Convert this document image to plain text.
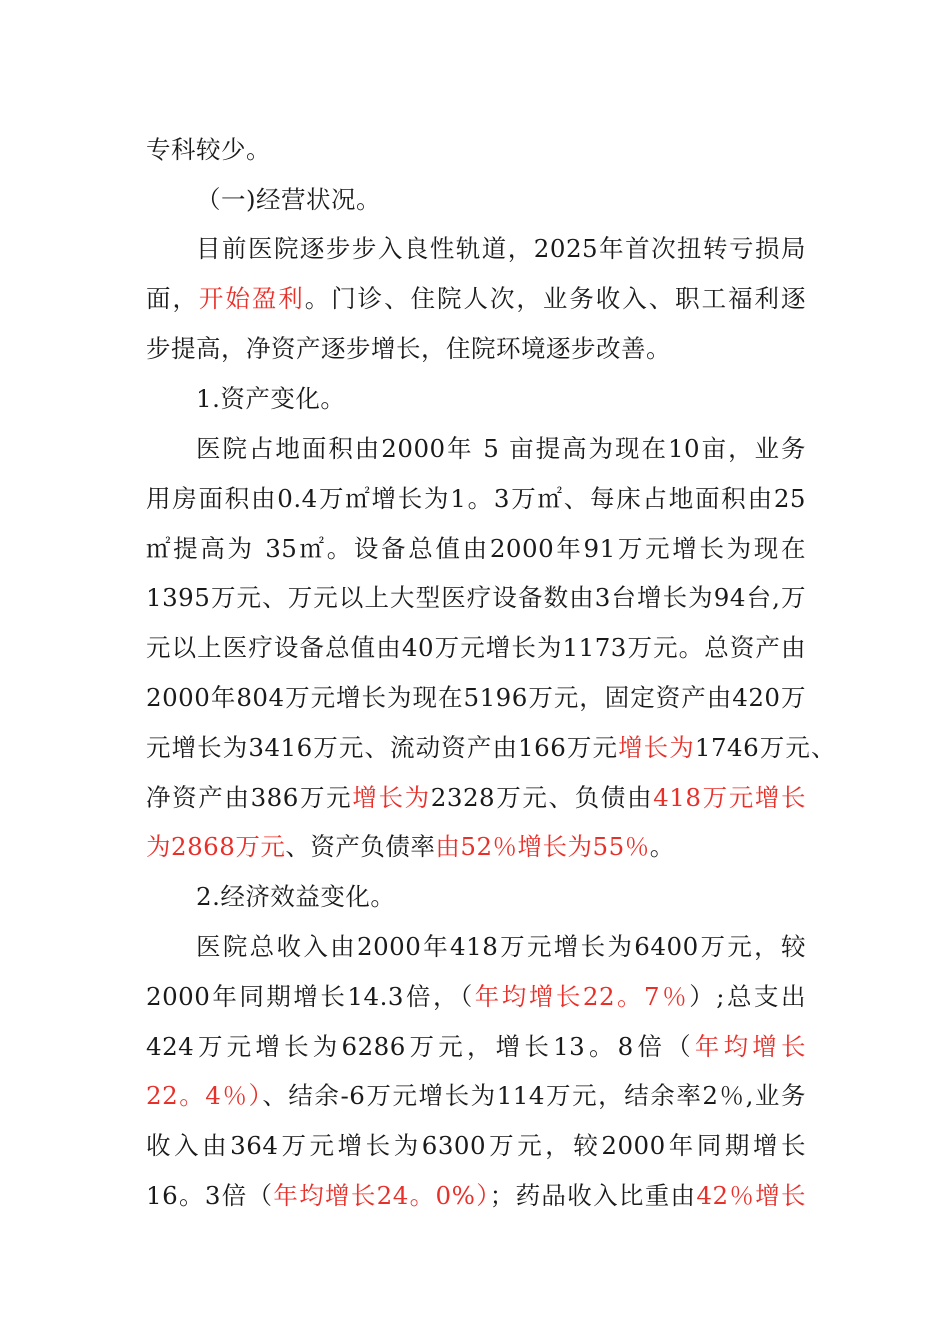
专科较少。
（一)经营状况。
目前医院逐步步入良性轨道，2025年首次扭转亏损局
面，开始盈利。门诊、住院人次，业务收入、职工福利逐
步提高，净资产逐步增长，住院环境逐步改善。
1.资产变化。
医院占地面积由2000年 5 亩提高为现在10亩，业务
用房面积由0.4万㎡增长为1。3万㎡、每床占地面积由25
㎡提高为 35㎡。设备总值由2000年91万元增长为现在
1395万元、万元以上大型医疗设备数由3台增长为94台,万
元以上医疗设备总值由40万元增长为1173万元。总资产由
2000年804万元增长为现在5196万元，固定资产由420万
元增长为3416万元、流动资产由166万元增长为1746万元、
净资产由386万元增长为2328万元、负债由418万元增长
为2868万元、资产负债率由52％增长为55％。
2.经济效益变化。
医院总收入由2000年418万元增长为6400万元，较
2000年同期增长14.3倍，（年均增长22。7％）;总支出
424万元增长为6286万元，增长13。8倍（年均增长
22。4％）、结余-6万元增长为114万元，结余率2％,业务
收入由364万元增长为6300万元，较2000年同期增长
16。3倍（年均增长24。0%）；药品收入比重由42％增长
